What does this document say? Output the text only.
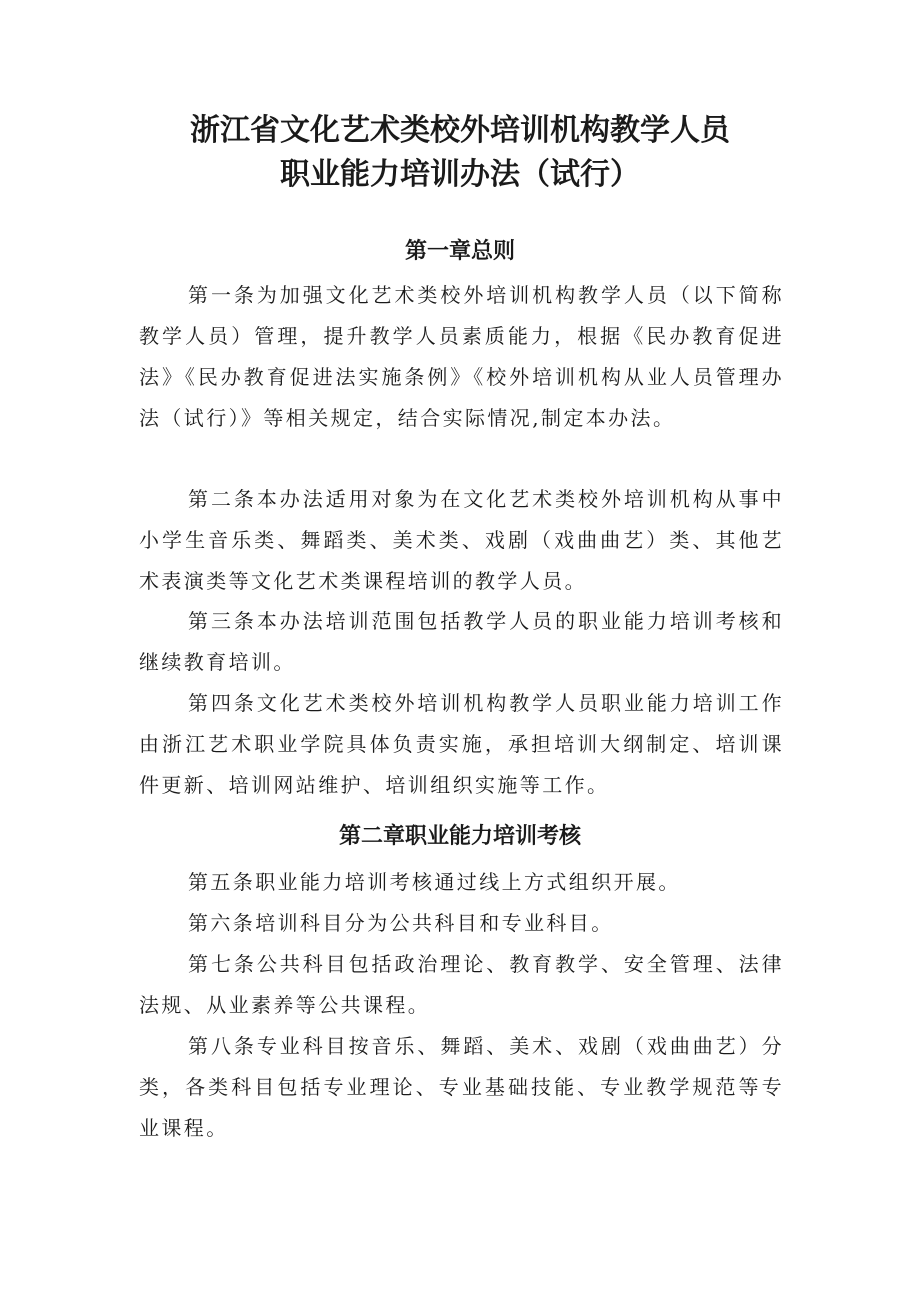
浙江省文化艺术类校外培训机构教学人员
职业能力培训办法（试行）
第一章总则

第一条为加强文化艺术类校外培训机构教学人员（以下简称教学人员）管理，提升教学人员素质能力，根据《民办教育促进法》《民办教育促进法实施条例》《校外培训机构从业人员管理办法（试行）》等相关规定，结合实际情况,制定本办法。

第二条本办法适用对象为在文化艺术类校外培训机构从事中小学生音乐类、舞蹈类、美术类、戏剧（戏曲曲艺）类、其他艺术表演类等文化艺术类课程培训的教学人员。

第三条本办法培训范围包括教学人员的职业能力培训考核和继续教育培训。

第四条文化艺术类校外培训机构教学人员职业能力培训工作由浙江艺术职业学院具体负责实施，承担培训大纲制定、培训课件更新、培训网站维护、培训组织实施等工作。

第二章职业能力培训考核

第五条职业能力培训考核通过线上方式组织开展。

第六条培训科目分为公共科目和专业科目。

第七条公共科目包括政治理论、教育教学、安全管理、法律法规、从业素养等公共课程。

第八条专业科目按音乐、舞蹈、美术、戏剧（戏曲曲艺）分类，各类科目包括专业理论、专业基础技能、专业教学规范等专业课程。
